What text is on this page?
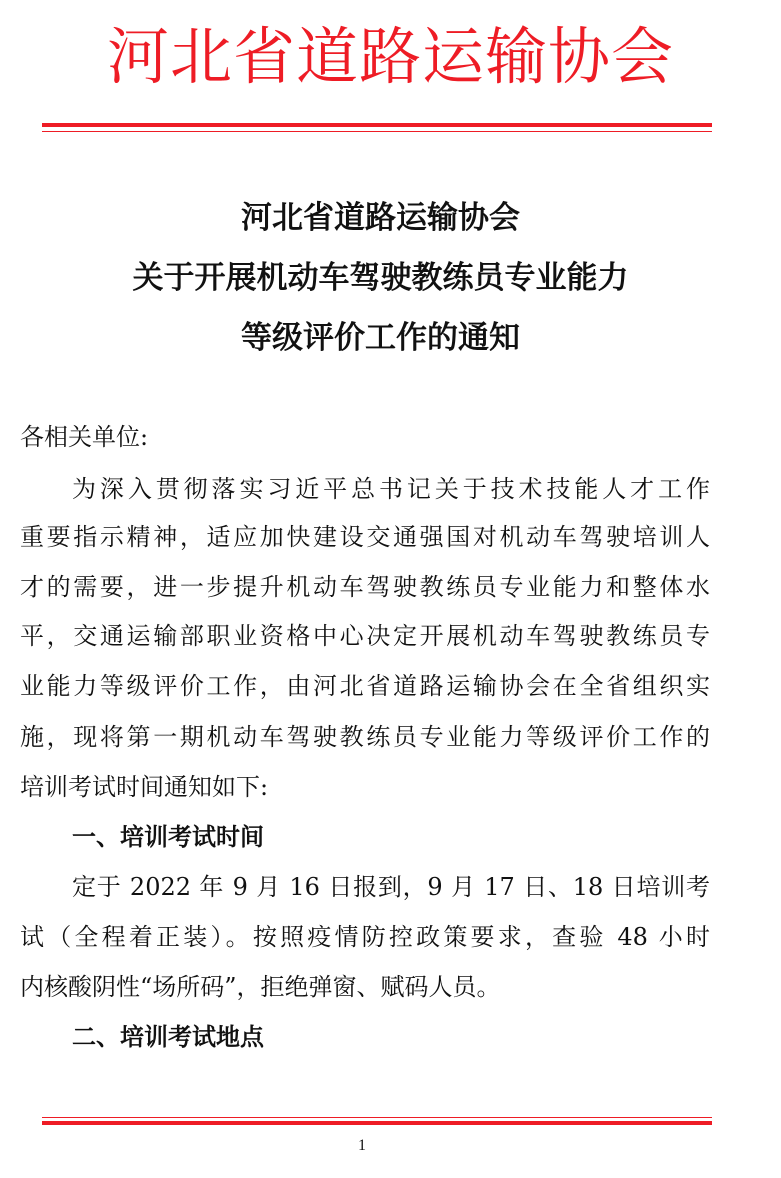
河北省道路运输协会
河北省道路运输协会
关于开展机动车驾驶教练员专业能力
等级评价工作的通知
各相关单位:
为深入贯彻落实习近平总书记关于技术技能人才工作
重要指示精神，适应加快建设交通强国对机动车驾驶培训人
才的需要，进一步提升机动车驾驶教练员专业能力和整体水
平，交通运输部职业资格中心决定开展机动车驾驶教练员专
业能力等级评价工作，由河北省道路运输协会在全省组织实
施，现将第一期机动车驾驶教练员专业能力等级评价工作的
培训考试时间通知如下:
一、培训考试时间
定于 2022 年 9 月 16 日报到，9 月 17 日、18 日培训考
试（全程着正装）。按照疫情防控政策要求，查验 48 小时
内核酸阴性“场所码”，拒绝弹窗、赋码人员。
二、培训考试地点
1
